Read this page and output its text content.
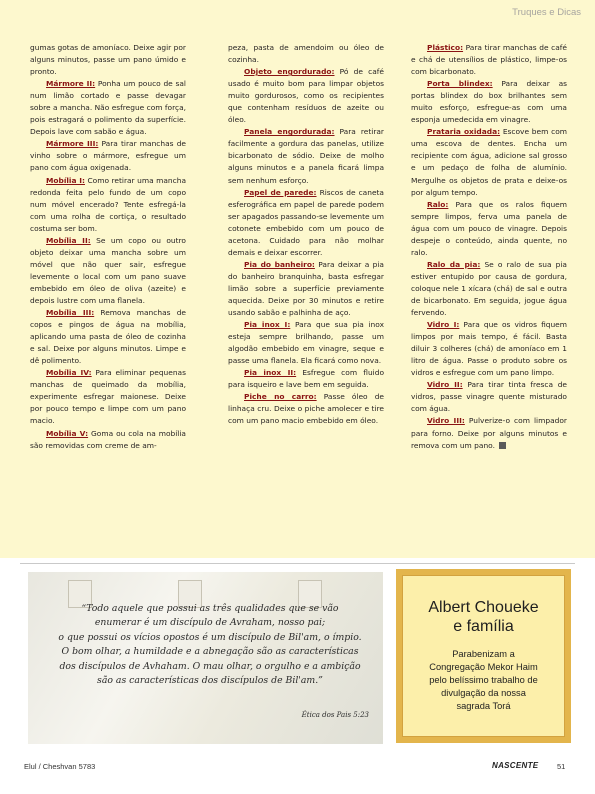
Truques e Dicas

gumas gotas de amoníaco. Deixe agir por alguns minutos, passe um pano úmido e pronto.

Mármore II: Ponha um pouco de sal num limão cortado e passe devagar sobre a mancha. Não esfregue com força, pois estragará o polimento da superfície. Depois lave com sabão e água.

Mármore III: Para tirar manchas de vinho sobre o mármore, esfregue um pano com água oxigenada.

Mobília I: Como retirar uma mancha redonda feita pelo fundo de um copo num móvel encerado? Tente esfregá-la com uma rolha de cortiça, o resultado costuma ser bom.

Mobília II: Se um copo ou outro objeto deixar uma mancha sobre um móvel que não quer sair, esfregue levemente o local com um pano suave embebido em óleo de oliva (azeite) e depois lustre com uma flanela.

Mobília III: Remova manchas de copos e pingos de água na mobília, aplicando uma pasta de óleo de cozinha e sal. Deixe por alguns minutos. Limpe e dê polimento.

Mobília IV: Para eliminar pequenas manchas de queimado da mobília, experimente esfregar maionese. Deixe por pouco tempo e limpe com um pano macio.

Mobília V: Goma ou cola na mobília são removidas com creme de am-

peza, pasta de amendoim ou óleo de cozinha.

Objeto engordurado: Pó de café usado é muito bom para limpar objetos muito gordurosos, como os recipientes que contenham resíduos de azeite ou óleo.

Panela engordurada: Para retirar facilmente a gordura das panelas, utilize bicarbonato de sódio. Deixe de molho alguns minutos e a panela ficará limpa sem nenhum esforço.

Papel de parede: Riscos de caneta esferográfica em papel de parede podem ser apagados passando-se levemente um cotonete embebido com um pouco de acetona. Cuidado para não molhar demais e deixar escorrer.

Pia do banheiro: Para deixar a pia do banheiro branquinha, basta esfregar limão sobre a superfície previamente aquecida. Deixe por 30 minutos e retire usando sabão e palhinha de aço.

Pia inox I: Para que sua pia inox esteja sempre brilhando, passe um algodão embebido em vinagre, seque e passe uma flanela. Ela ficará como nova.

Pia inox II: Esfregue com fluido para isqueiro e lave bem em seguida.

Piche no carro: Passe óleo de linhaça cru. Deixe o piche amolecer e tire com um pano macio embebido em óleo.

Plástico: Para tirar manchas de café e chá de utensílios de plástico, limpe-os com bicarbonato.

Porta blindex: Para deixar as portas blindex do box brilhantes sem muito esforço, esfregue-as com uma esponja umedecida em vinagre.

Prataria oxidada: Escove bem com uma escova de dentes. Encha um recipiente com água, adicione sal grosso e um pedaço de folha de alumínio. Mergulhe os objetos de prata e deixe-os por algum tempo.

Ralo: Para que os ralos fiquem sempre limpos, ferva uma panela de água com um pouco de vinagre. Depois despeje o conteúdo, ainda quente, no ralo.

Ralo da pia: Se o ralo de sua pia estiver entupido por causa de gordura, coloque nele 1 xícara (chá) de sal e outra de bicarbonato. Em seguida, jogue água fervendo.

Vidro I: Para que os vidros fiquem limpos por mais tempo, é fácil. Basta diluir 3 colheres (chá) de amoníaco em 1 litro de água. Passe o produto sobre os vidros e esfregue com um pano limpo.

Vidro II: Para tirar tinta fresca de vidros, passe vinagre quente misturado com água.

Vidro III: Pulverize-o com limpador para forno. Deixe por alguns minutos e remova com um pano.

“Todo aquele que possui as três qualidades que se vão

enumerar é um discípulo de Avraham, nosso pai;

o que possui os vícios opostos é um discípulo de Bil'am, o ímpio.

O bom olhar, a humildade e a abnegação são as características

dos discípulos de Avhaham. O mau olhar, o orgulho e a ambição

são as características dos discípulos de Bil'am.”

Ética dos Pais 5:23
Albert Choueke
e família
Parabenizam a
Congregação Mekor Haim
pelo belíssimo trabalho de
divulgação da nossa
sagrada Torá
Elul / Cheshvan 5783	NASCENTE 51
